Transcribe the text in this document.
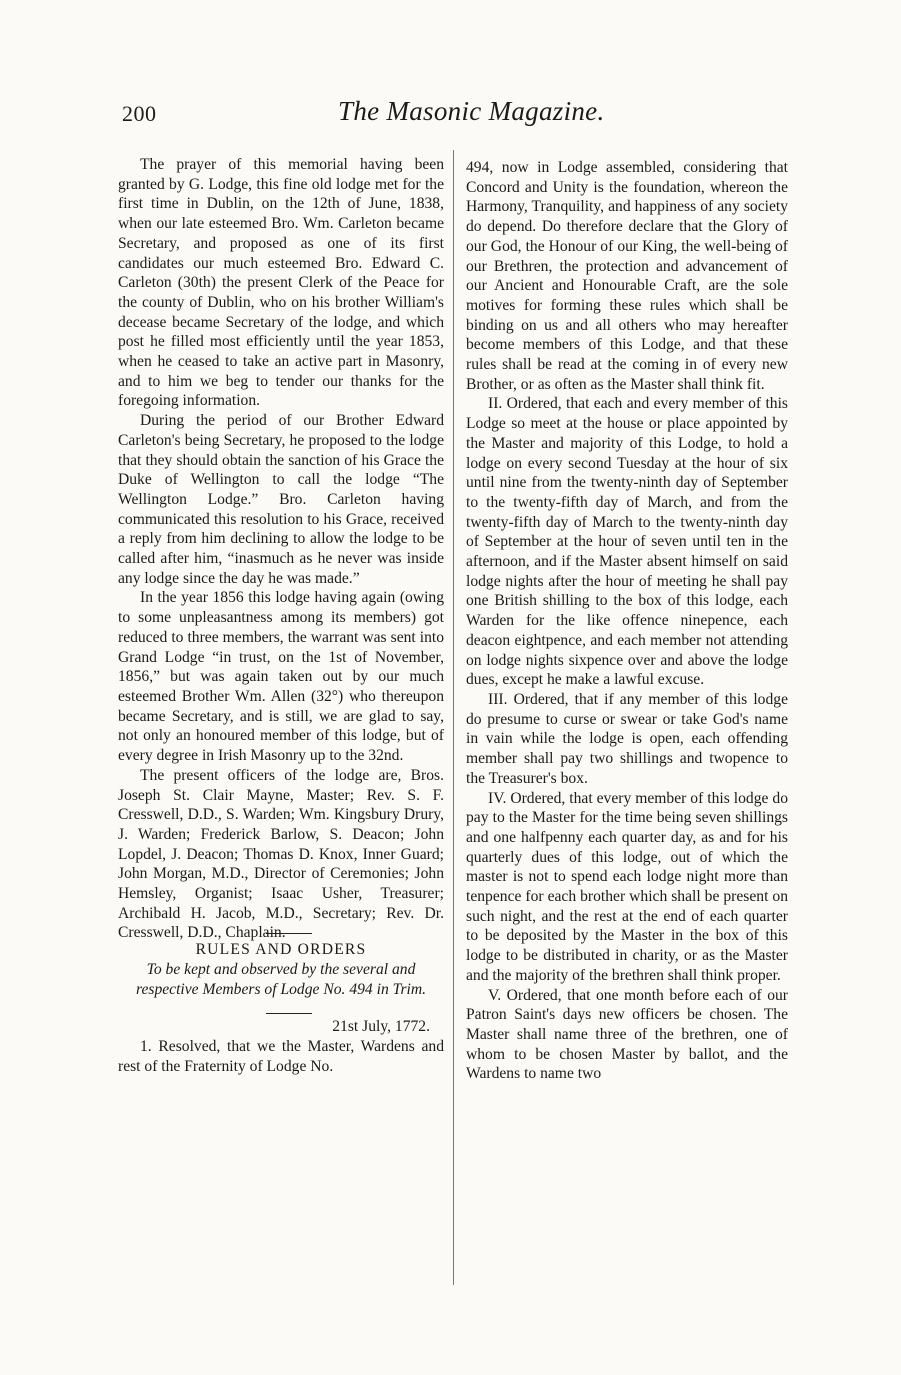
200	The Masonic Magazine.

The prayer of this memorial having been granted by G. Lodge, this fine old lodge met for the first time in Dublin, on the 12th of June, 1838, when our late esteemed Bro. Wm. Carleton became Secretary, and proposed as one of its first candidates our much esteemed Bro. Edward C. Carleton (30th) the present Clerk of the Peace for the county of Dublin, who on his brother William's decease became Secretary of the lodge, and which post he filled most efficiently until the year 1853, when he ceased to take an active part in Masonry, and to him we beg to tender our thanks for the foregoing information.

During the period of our Brother Edward Carleton's being Secretary, he proposed to the lodge that they should obtain the sanction of his Grace the Duke of Wellington to call the lodge “The Wellington Lodge.” Bro. Carleton having communicated this resolution to his Grace, received a reply from him declining to allow the lodge to be called after him, “inasmuch as he never was inside any lodge since the day he was made.”

In the year 1856 this lodge having again (owing to some unpleasantness among its members) got reduced to three members, the warrant was sent into Grand Lodge “in trust, on the 1st of November, 1856,” but was again taken out by our much esteemed Brother Wm. Allen (32°) who thereupon became Secretary, and is still, we are glad to say, not only an honoured member of this lodge, but of every degree in Irish Masonry up to the 32nd.

The present officers of the lodge are, Bros. Joseph St. Clair Mayne, Master; Rev. S. F. Cresswell, D.D., S. Warden; Wm. Kingsbury Drury, J. Warden; Frederick Barlow, S. Deacon; John Lopdel, J. Deacon; Thomas D. Knox, Inner Guard; John Morgan, M.D., Director of Ceremonies; John Hemsley, Organist; Isaac Usher, Treasurer; Archibald H. Jacob, M.D., Secretary; Rev. Dr. Cresswell, D.D., Chaplain.

RULES AND ORDERS

To be kept and observed by the several and respective Members of Lodge No. 494 in Trim.

21st July, 1772.

1. Resolved, that we the Master, Wardens and rest of the Fraternity of Lodge No.

494, now in Lodge assembled, considering that Concord and Unity is the foundation, whereon the Harmony, Tranquility, and happiness of any society do depend. Do therefore declare that the Glory of our God, the Honour of our King, the well-being of our Brethren, the protection and advancement of our Ancient and Honourable Craft, are the sole motives for forming these rules which shall be binding on us and all others who may hereafter become members of this Lodge, and that these rules shall be read at the coming in of every new Brother, or as often as the Master shall think fit.

II. Ordered, that each and every member of this Lodge so meet at the house or place appointed by the Master and majority of this Lodge, to hold a lodge on every second Tuesday at the hour of six until nine from the twenty-ninth day of September to the twenty-fifth day of March, and from the twenty-fifth day of March to the twenty-ninth day of September at the hour of seven until ten in the afternoon, and if the Master absent himself on said lodge nights after the hour of meeting he shall pay one British shilling to the box of this lodge, each Warden for the like offence ninepence, each deacon eightpence, and each member not attending on lodge nights sixpence over and above the lodge dues, except he make a lawful excuse.

III. Ordered, that if any member of this lodge do presume to curse or swear or take God's name in vain while the lodge is open, each offending member shall pay two shillings and twopence to the Treasurer's box.

IV. Ordered, that every member of this lodge do pay to the Master for the time being seven shillings and one halfpenny each quarter day, as and for his quarterly dues of this lodge, out of which the master is not to spend each lodge night more than tenpence for each brother which shall be present on such night, and the rest at the end of each quarter to be deposited by the Master in the box of this lodge to be distributed in charity, or as the Master and the majority of the brethren shall think proper.

V. Ordered, that one month before each of our Patron Saint's days new officers be chosen. The Master shall name three of the brethren, one of whom to be chosen Master by ballot, and the Wardens to name two
